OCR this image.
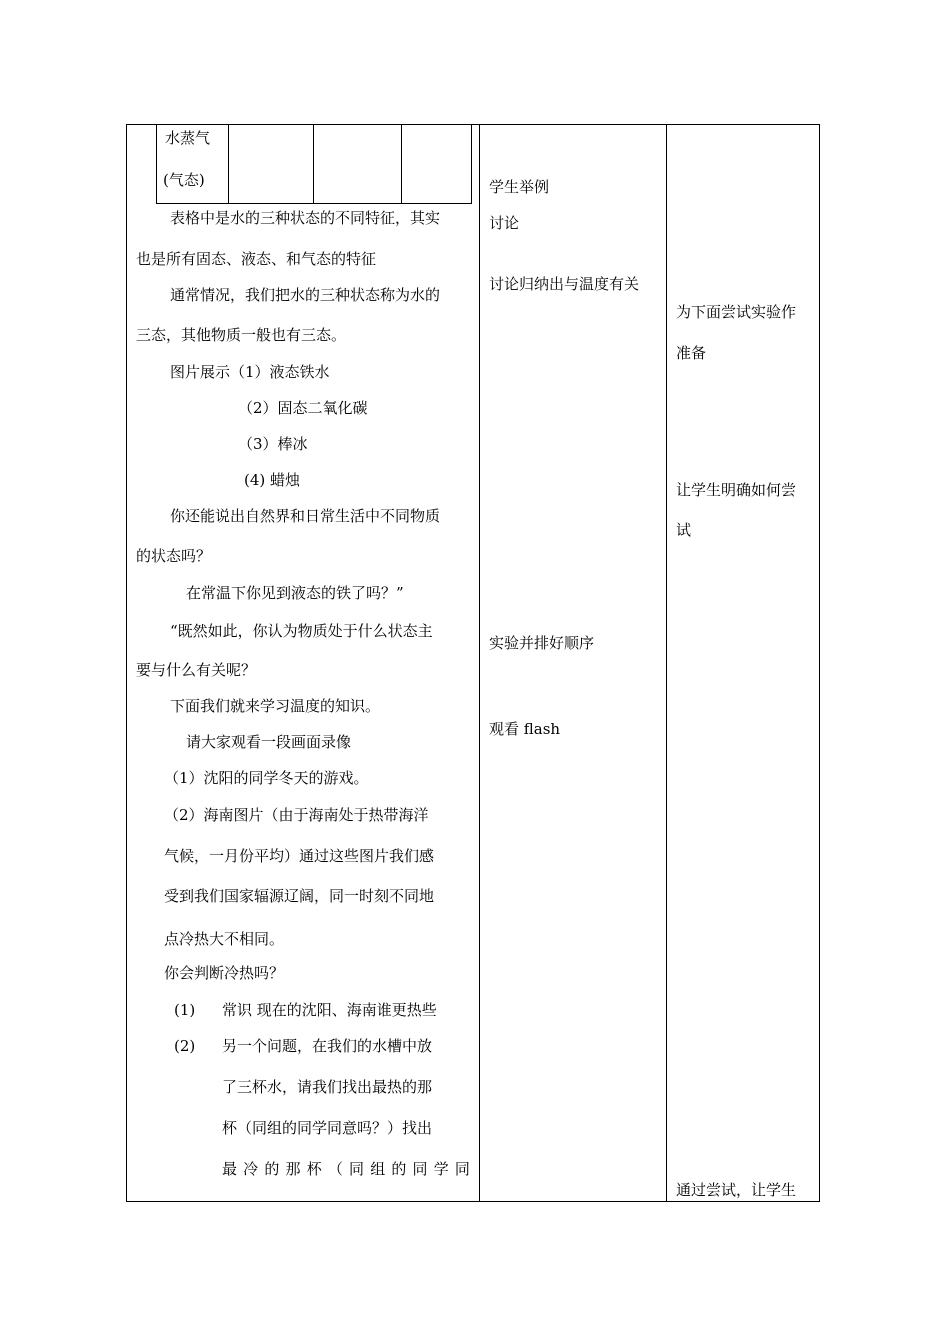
水蒸气
(气态)
表格中是水的三种状态的不同特征，其实
也是所有固态、液态、和气态的特征
通常情况，我们把水的三种状态称为水的
三态，其他物质一般也有三态。
图片展示（1）液态铁水
（2）固态二氧化碳
（3）棒冰
(4) 蜡烛
你还能说出自然界和日常生活中不同物质
的状态吗？
在常温下你见到液态的铁了吗？”
“既然如此，你认为物质处于什么状态主
要与什么有关呢？
下面我们就来学习温度的知识。
请大家观看一段画面录像
（1）沈阳的同学冬天的游戏。
（2）海南图片（由于海南处于热带海洋
气候，一月份平均）通过这些图片我们感
受到我们国家辐源辽阔，同一时刻不同地
点冷热大不相同。
你会判断冷热吗？
(1) 常识 现在的沈阳、海南谁更热些
(2) 另一个问题，在我们的水槽中放
了三杯水，请我们找出最热的那
杯（同组的同学同意吗？）找出
最 冷 的 那 杯 （ 同 组 的 同 学 同
学生举例
讨论
讨论归纳出与温度有关
实验并排好顺序
观看 flash
为下面尝试实验作
准备
让学生明确如何尝
试
通过尝试，让学生
